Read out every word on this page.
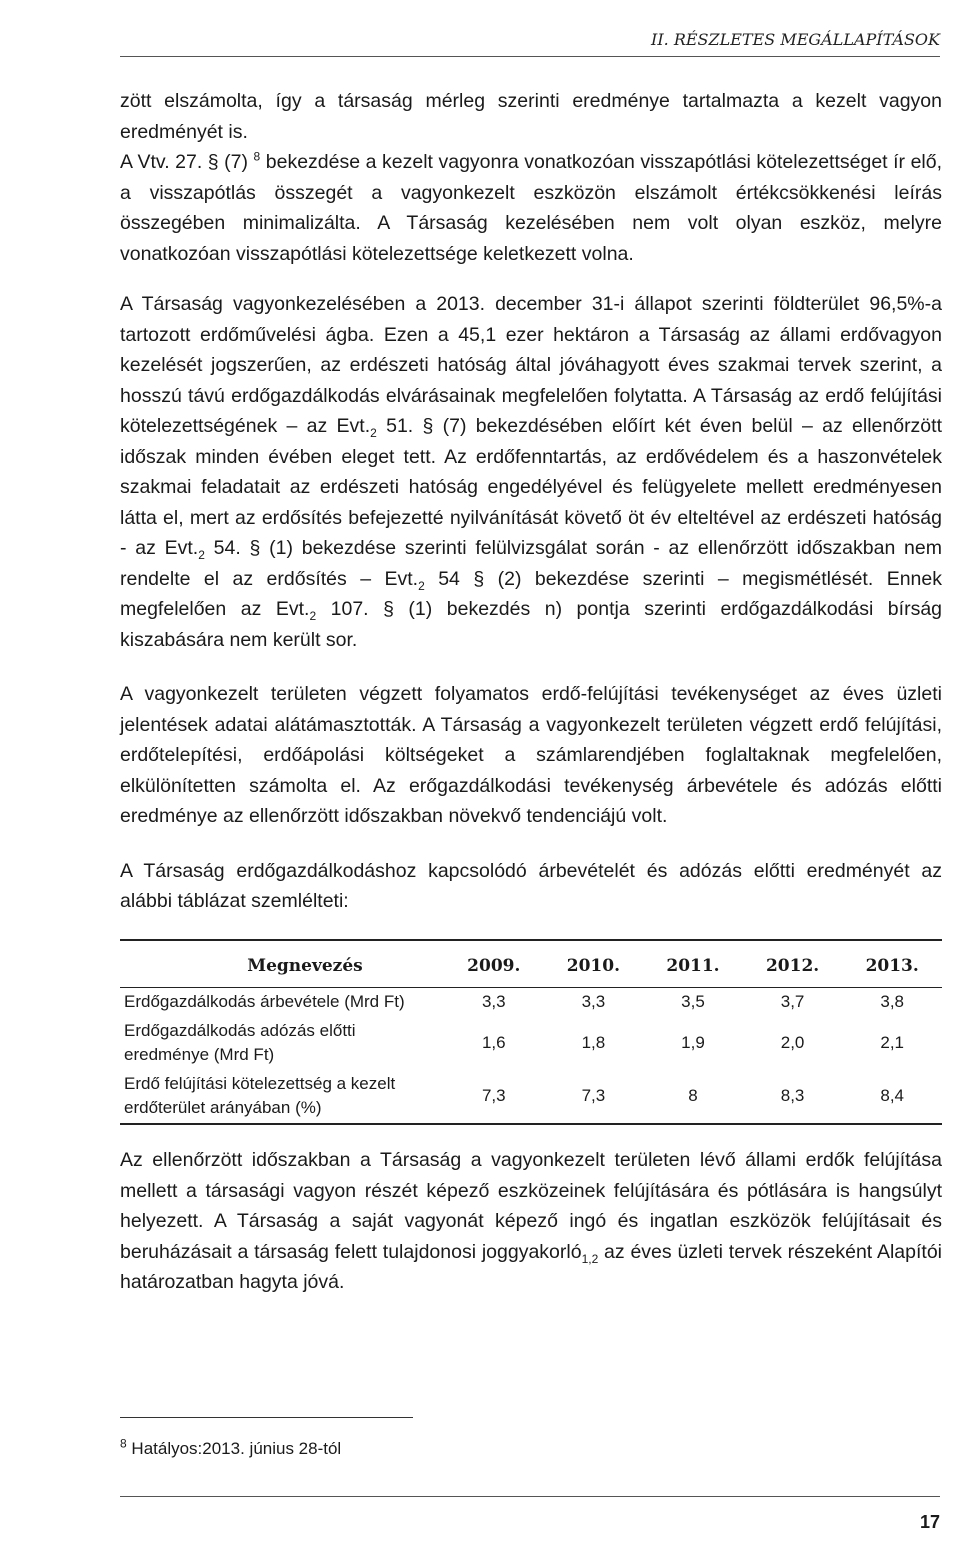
II. RÉSZLETES MEGÁLLAPÍTÁSOK

zött elszámolta, így a társaság mérleg szerinti eredménye tartalmazta a kezelt vagyon eredményét is.

A Vtv. 27. § (7) $^8$ bekezdése a kezelt vagyonra vonatkozóan visszapótlási kötelezettséget ír elő, a visszapótlás összegét a vagyonkezelt eszközön elszámolt értékcsökkenési leírás összegében minimalizálta. A Társaság kezelésében nem volt olyan eszköz, melyre vonatkozóan visszapótlási kötelezettsége keletkezett volna.

A Társaság vagyonkezelésében a 2013. december 31-i állapot szerinti földterület 96,5%-a tartozott erdőművelési ágba. Ezen a 45,1 ezer hektáron a Társaság az állami erdővagyon kezelését jogszerűen, az erdészeti hatóság által jóváhagyott éves szakmai tervek szerint, a hosszú távú erdőgazdálkodás elvárásainak megfelelően folytatta. A Társaság az erdő felújítási kötelezettségének – az $Evt._2$ 51. § (7) bekezdésében előírt két éven belül – az ellenőrzött időszak minden évében eleget tett. Az erdőfenntartás, az erdővédelem és a haszonvételek szakmai feladatait az erdészeti hatóság engedélyével és felügyelete mellett eredményesen látta el, mert az erdősítés befejezetté nyilvánítását követő öt év elteltével az erdészeti hatóság - az $Evt._2$ 54. § (1) bekezdése szerinti felülvizsgálat során - az ellenőrzött időszakban nem rendelte el az erdősítés – $Evt._2$ 54 § (2) bekezdése szerinti – megismétlését. Ennek megfelelően az $Evt._2$ 107. § (1) bekezdés n) pontja szerinti erdőgazdálkodási bírság kiszabására nem került sor.

A vagyonkezelt területen végzett folyamatos erdő-felújítási tevékenységet az éves üzleti jelentések adatai alátámasztották. A Társaság a vagyonkezelt területen végzett erdő felújítási, erdőtelepítési, erdőápolási költségeket a számlarendjében foglaltaknak megfelelően, elkülönítetten számolta el. Az erőgazdálkodási tevékenység árbevétele és adózás előtti eredménye az ellenőrzött időszakban növekvő tendenciájú volt.

A Társaság erdőgazdálkodáshoz kapcsolódó árbevételét és adózás előtti eredményét az alábbi táblázat szemlélteti:

Megnevezés	2009.	2010.	2011.	2012.	2013.
Erdőgazdálkodás árbevétele (Mrd Ft)	3,3	3,3	3,5	3,7	3,8
Erdőgazdálkodás adózás előtti eredménye (Mrd Ft)	1,6	1,8	1,9	2,0	2,1
Erdő felújítási kötelezettség a kezelt erdőterület arányában (%)	7,3	7,3	8	8,3	8,4

Az ellenőrzött időszakban a Társaság a vagyonkezelt területen lévő állami erdők felújítása mellett a társasági vagyon részét képező eszközeinek felújítására és pótlására is hangsúlyt helyezett. A Társaság a saját vagyonát képező ingó és ingatlan eszközök felújításait és beruházásait a társaság felett tulajdonosi joggyakorló$_{1,2}$ az éves üzleti tervek részeként Alapítói határozatban hagyta jóvá.

$^8$ Hatályos:2013. június 28-tól
17
